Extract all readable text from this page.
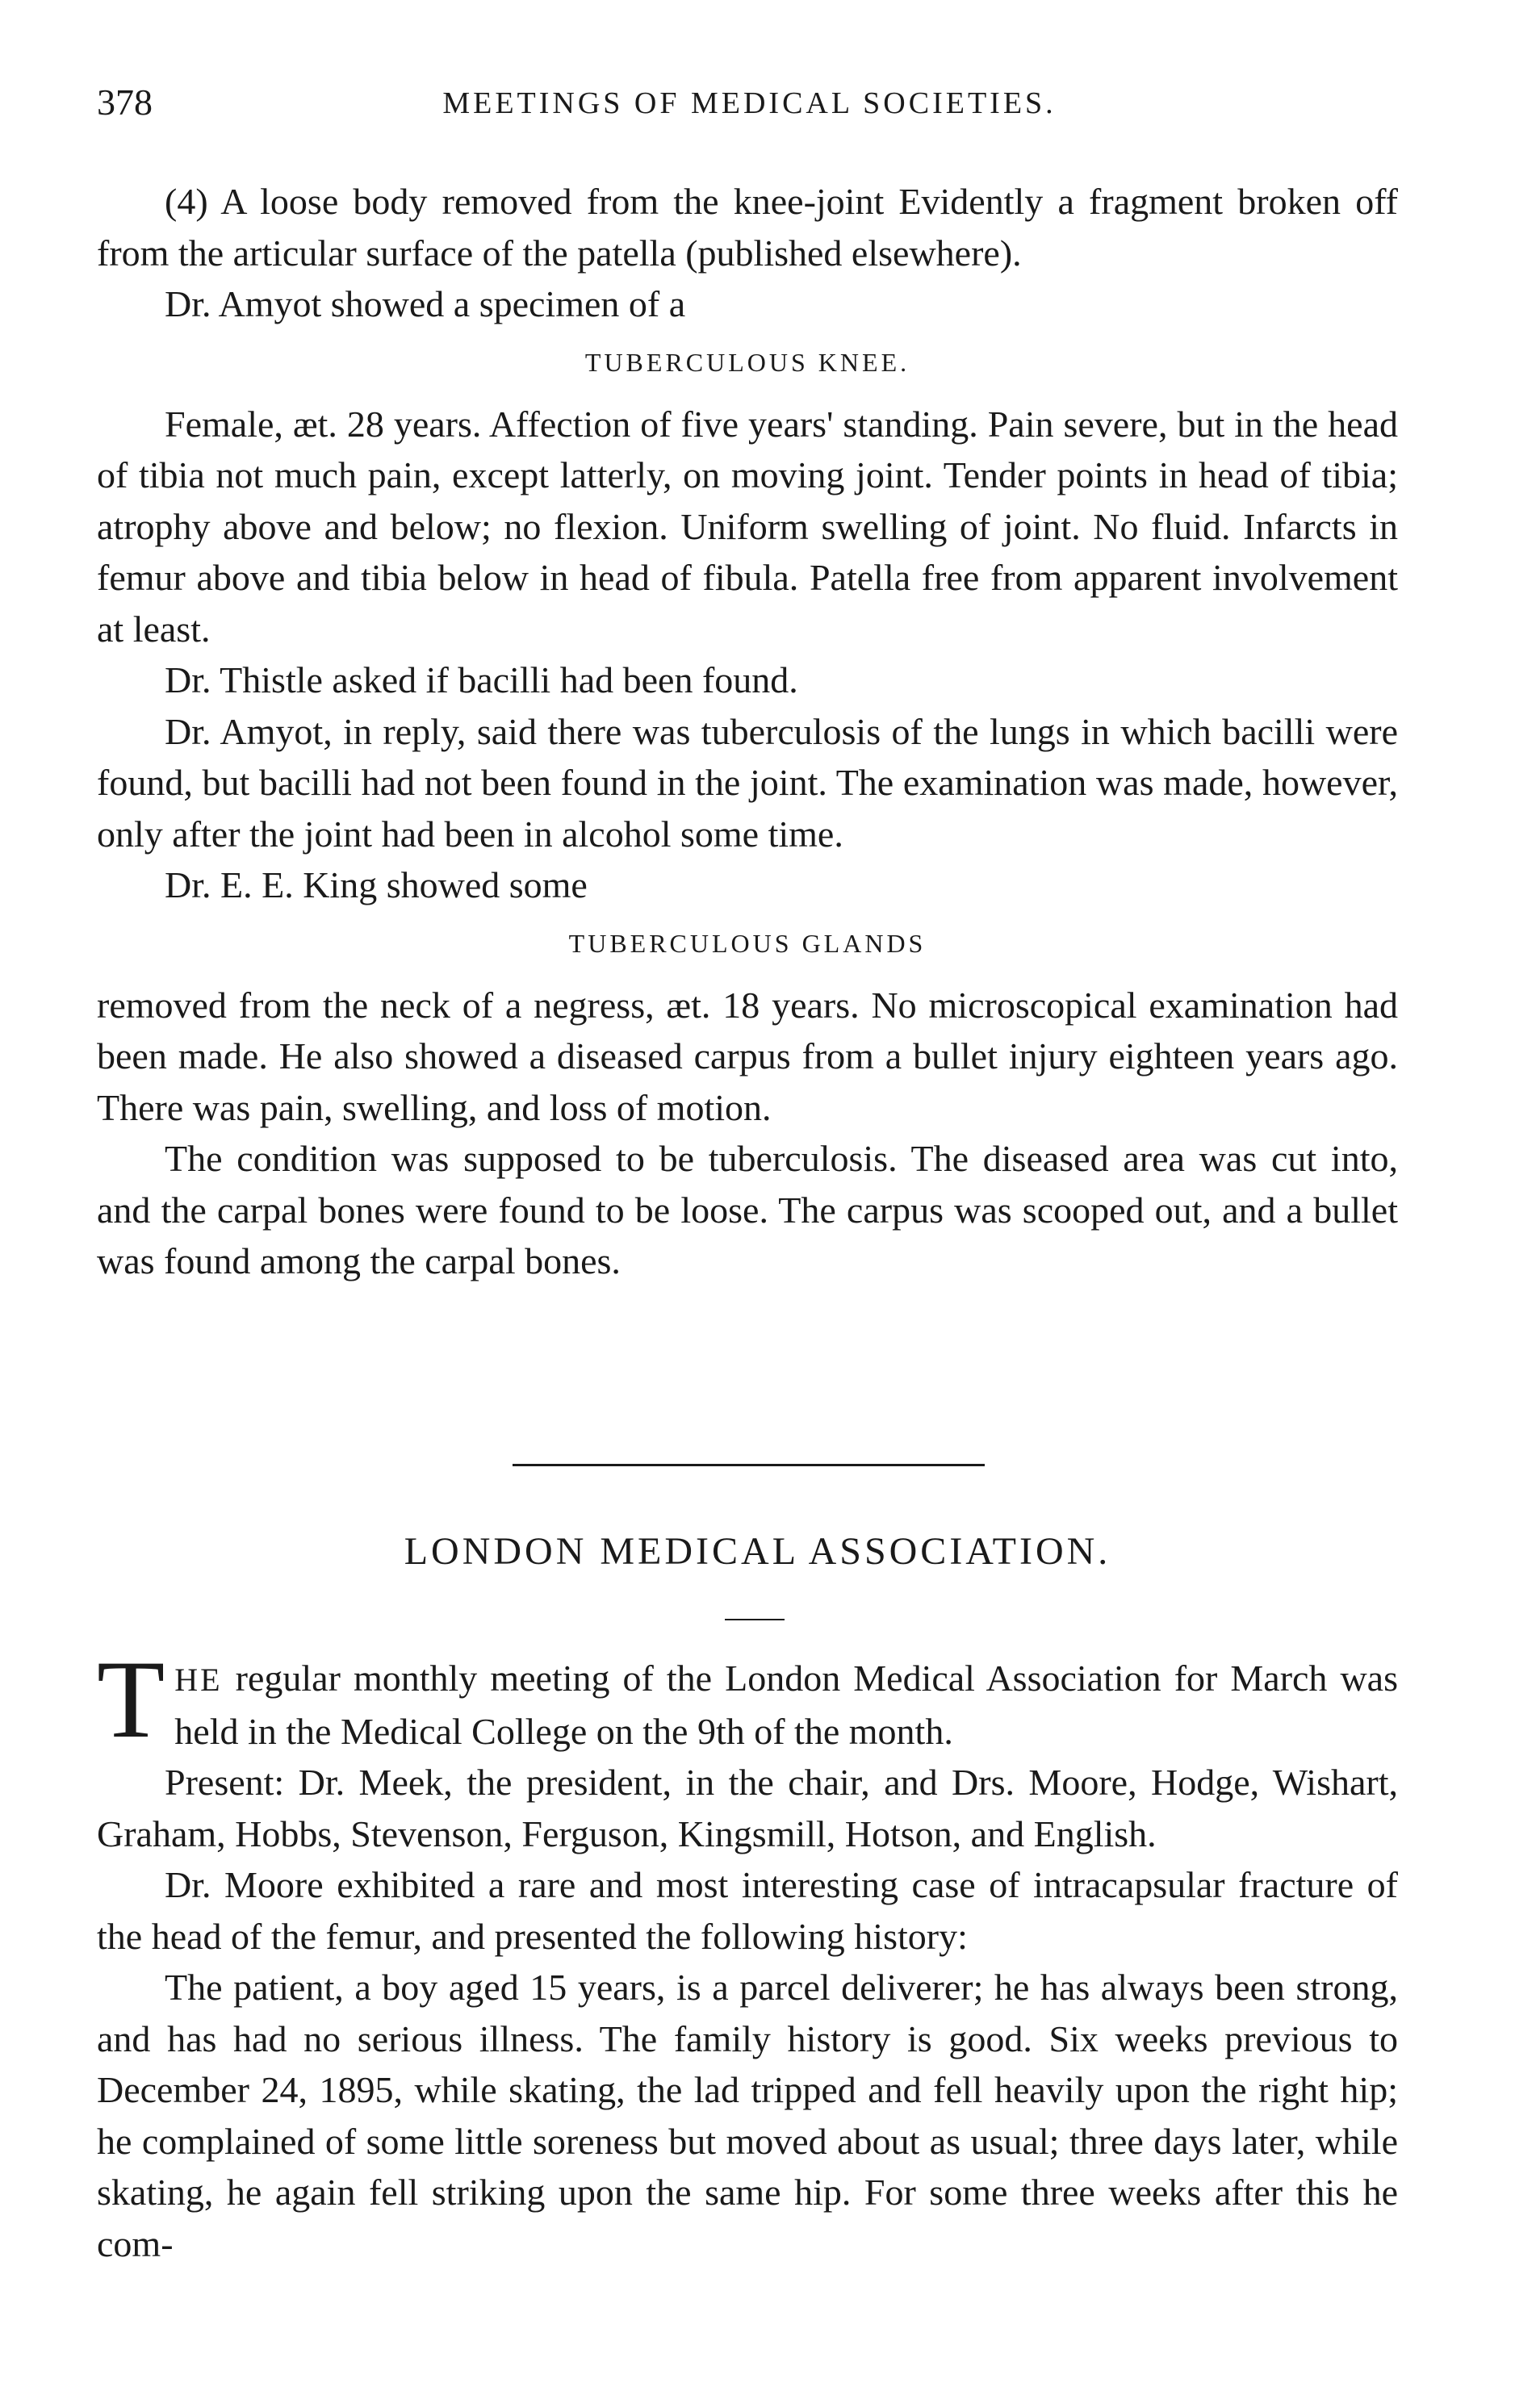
378	MEETINGS OF MEDICAL SOCIETIES.

(4) A loose body removed from the knee-joint Evidently a fragment broken off from the articular surface of the patella (published elsewhere).

Dr. Amyot showed a specimen of a

TUBERCULOUS KNEE.

Female, æt. 28 years. Affection of five years' standing. Pain severe, but in the head of tibia not much pain, except latterly, on moving joint. Tender points in head of tibia; atrophy above and below; no flexion. Uniform swelling of joint. No fluid. Infarcts in femur above and tibia below in head of fibula. Patella free from apparent involvement at least.

Dr. Thistle asked if bacilli had been found.

Dr. Amyot, in reply, said there was tuberculosis of the lungs in which bacilli were found, but bacilli had not been found in the joint. The examination was made, however, only after the joint had been in alcohol some time.

Dr. E. E. King showed some

TUBERCULOUS GLANDS

removed from the neck of a negress, æt. 18 years. No microscopical examination had been made. He also showed a diseased carpus from a bullet injury eighteen years ago. There was pain, swelling, and loss of motion.

The condition was supposed to be tuberculosis. The diseased area was cut into, and the carpal bones were found to be loose. The carpus was scooped out, and a bullet was found among the carpal bones.

LONDON MEDICAL ASSOCIATION.

THE regular monthly meeting of the London Medical Association for March was held in the Medical College on the 9th of the month.

Present: Dr. Meek, the president, in the chair, and Drs. Moore, Hodge, Wishart, Graham, Hobbs, Stevenson, Ferguson, Kingsmill, Hotson, and English.

Dr. Moore exhibited a rare and most interesting case of intracapsular fracture of the head of the femur, and presented the following history:

The patient, a boy aged 15 years, is a parcel deliverer; he has always been strong, and has had no serious illness. The family history is good. Six weeks previous to December 24, 1895, while skating, the lad tripped and fell heavily upon the right hip; he complained of some little soreness but moved about as usual; three days later, while skating, he again fell striking upon the same hip. For some three weeks after this he com-
